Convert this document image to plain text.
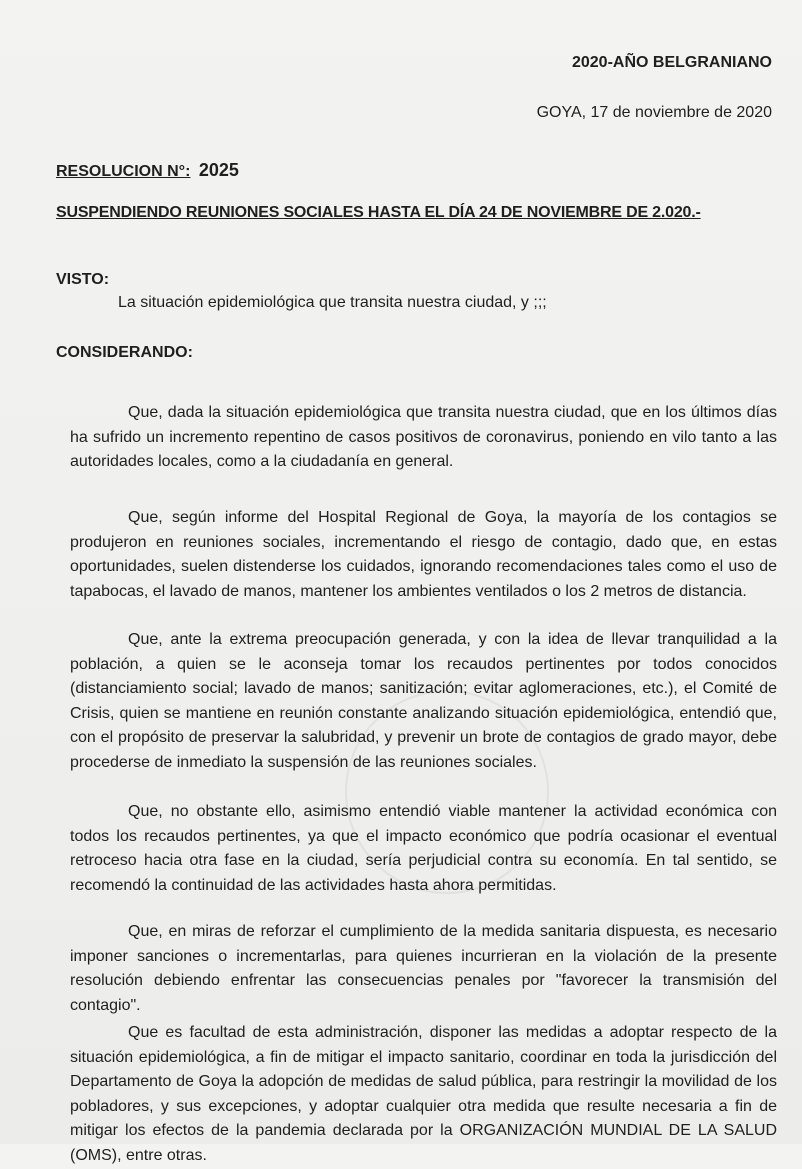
2020-AÑO BELGRANIANO
GOYA, 17 de noviembre de 2020
RESOLUCION N°: 2025
SUSPENDIENDO REUNIONES SOCIALES HASTA EL DÍA 24 DE NOVIEMBRE DE 2.020.-
VISTO:
La situación epidemiológica que transita nuestra ciudad, y ;;;
CONSIDERANDO:

Que, dada la situación epidemiológica que transita nuestra ciudad, que en los últimos días ha sufrido un incremento repentino de casos positivos de coronavirus, poniendo en vilo tanto a las autoridades locales, como a la ciudadanía en general.

Que, según informe del Hospital Regional de Goya, la mayoría de los contagios se produjeron en reuniones sociales, incrementando el riesgo de contagio, dado que, en estas oportunidades, suelen distenderse los cuidados, ignorando recomendaciones tales como el uso de tapabocas, el lavado de manos, mantener los ambientes ventilados o los 2 metros de distancia.

Que, ante la extrema preocupación generada, y con la idea de llevar tranquilidad a la población, a quien se le aconseja tomar los recaudos pertinentes por todos conocidos (distanciamiento social; lavado de manos; sanitización; evitar aglomeraciones, etc.), el Comité de Crisis, quien se mantiene en reunión constante analizando situación epidemiológica, entendió que, con el propósito de preservar la salubridad, y prevenir un brote de contagios de grado mayor, debe procederse de inmediato la suspensión de las reuniones sociales.

Que, no obstante ello, asimismo entendió viable mantener la actividad económica con todos los recaudos pertinentes, ya que el impacto económico que podría ocasionar el eventual retroceso hacia otra fase en la ciudad, sería perjudicial contra su economía. En tal sentido, se recomendó la continuidad de las actividades hasta ahora permitidas.

Que, en miras de reforzar el cumplimiento de la medida sanitaria dispuesta, es necesario imponer sanciones o incrementarlas, para quienes incurrieran en la violación de la presente resolución debiendo enfrentar las consecuencias penales por "favorecer la transmisión del contagio".

Que es facultad de esta administración, disponer las medidas a adoptar respecto de la situación epidemiológica, a fin de mitigar el impacto sanitario, coordinar en toda la jurisdicción del Departamento de Goya la adopción de medidas de salud pública, para restringir la movilidad de los pobladores, y sus excepciones, y adoptar cualquier otra medida que resulte necesaria a fin de mitigar los efectos de la pandemia declarada por la ORGANIZACIÓN MUNDIAL DE LA SALUD (OMS), entre otras.
